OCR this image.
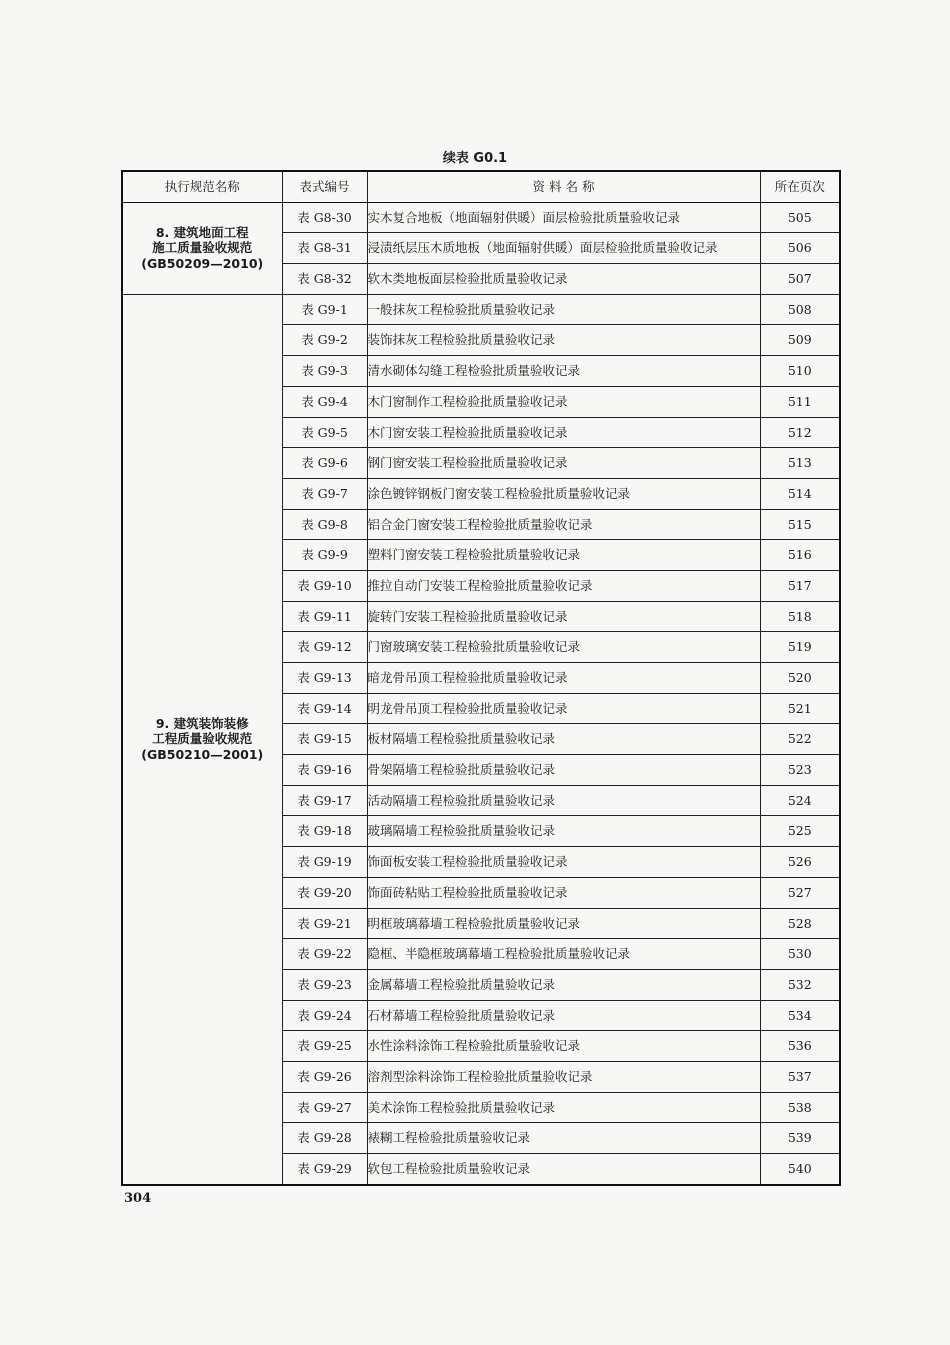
续表 G0.1
执行规范名称	表式编号	资 料 名 称	所在页次

8. 建筑地面工程
施工质量验收规范
(GB50209—2010)	表 G8-30	实木复合地板（地面辐射供暖）面层检验批质量验收记录	505
	表 G8-31	浸渍纸层压木质地板（地面辐射供暖）面层检验批质量验收记录	506
	表 G8-32	软木类地板面层检验批质量验收记录	507

9. 建筑装饰装修
工程质量验收规范
(GB50210—2001)	表 G9-1	一般抹灰工程检验批质量验收记录	508
	表 G9-2	装饰抹灰工程检验批质量验收记录	509
	表 G9-3	清水砌体勾缝工程检验批质量验收记录	510
	表 G9-4	木门窗制作工程检验批质量验收记录	511
	表 G9-5	木门窗安装工程检验批质量验收记录	512
	表 G9-6	钢门窗安装工程检验批质量验收记录	513
	表 G9-7	涂色镀锌钢板门窗安装工程检验批质量验收记录	514
	表 G9-8	铝合金门窗安装工程检验批质量验收记录	515
	表 G9-9	塑料门窗安装工程检验批质量验收记录	516
	表 G9-10	推拉自动门安装工程检验批质量验收记录	517
	表 G9-11	旋转门安装工程检验批质量验收记录	518
	表 G9-12	门窗玻璃安装工程检验批质量验收记录	519
	表 G9-13	暗龙骨吊顶工程检验批质量验收记录	520
	表 G9-14	明龙骨吊顶工程检验批质量验收记录	521
	表 G9-15	板材隔墙工程检验批质量验收记录	522
	表 G9-16	骨架隔墙工程检验批质量验收记录	523
	表 G9-17	活动隔墙工程检验批质量验收记录	524
	表 G9-18	玻璃隔墙工程检验批质量验收记录	525
	表 G9-19	饰面板安装工程检验批质量验收记录	526
	表 G9-20	饰面砖粘贴工程检验批质量验收记录	527
	表 G9-21	明框玻璃幕墙工程检验批质量验收记录	528
	表 G9-22	隐框、半隐框玻璃幕墙工程检验批质量验收记录	530
	表 G9-23	金属幕墙工程检验批质量验收记录	532
	表 G9-24	石材幕墙工程检验批质量验收记录	534
	表 G9-25	水性涂料涂饰工程检验批质量验收记录	536
	表 G9-26	溶剂型涂料涂饰工程检验批质量验收记录	537
	表 G9-27	美术涂饰工程检验批质量验收记录	538
	表 G9-28	裱糊工程检验批质量验收记录	539
	表 G9-29	软包工程检验批质量验收记录	540
304
